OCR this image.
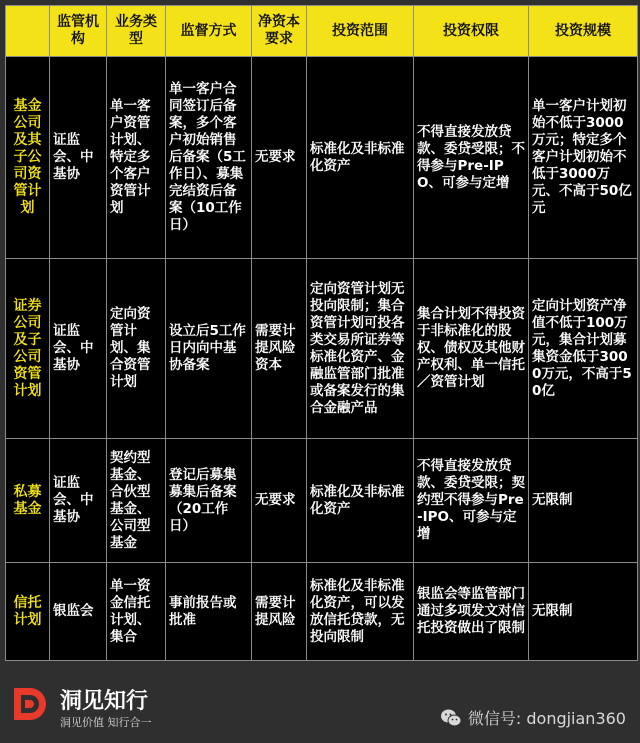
	监管机构	业务类型	监督方式	净资本要求	投资范围	投资权限	投资规模
基金公司及其子公司资管计划	证监会、中基协	单一客户资管计划、特定多个客户资管计划	单一客户合同签订后备案，多个客户初始销售后备案（5工作日）、募集完结资后备案（10工作日）	无要求	标准化及非标准化资产	不得直接发放贷款、委贷受限；不得参与Pre-IPO、可参与定增	单一客户计划初始不低于3000万元；特定多个客户计划初始不低于3000万元、不高于50亿元
证券公司及子公司资管计划	证监会、中基协	定向资管计划、集合资管计划	设立后5工作日内向中基协备案	需要计提风险资本	定向资管计划无投向限制；集合资管计划可投各类交易所证券等标准化资产、金融监管部门批准或备案发行的集合金融产品	集合计划不得投资于非标准化的股权、债权及其他财产权利、单一信托／资管计划	定向计划资产净值不低于100万元，集合计划募集资金低于3000万元，不高于50亿
私募基金	证监会、中基协	契约型基金、合伙型基金、公司型基金	登记后募集募集后备案（20工作日）	无要求	标准化及非标准化资产	不得直接发放贷款、委贷受限；契约型不得参与Pre-IPO、可参与定增	无限制
信托计划	银监会	单一资金信托计划、集合	事前报告或批准	需要计提风险	标准化及非标准化资产，可以发放信托贷款，无投向限制	银监会等监管部门通过多项发文对信托投资做出了限制	无限制
洞见知行
洞见价值 知行合一	微信号: dongjian360
